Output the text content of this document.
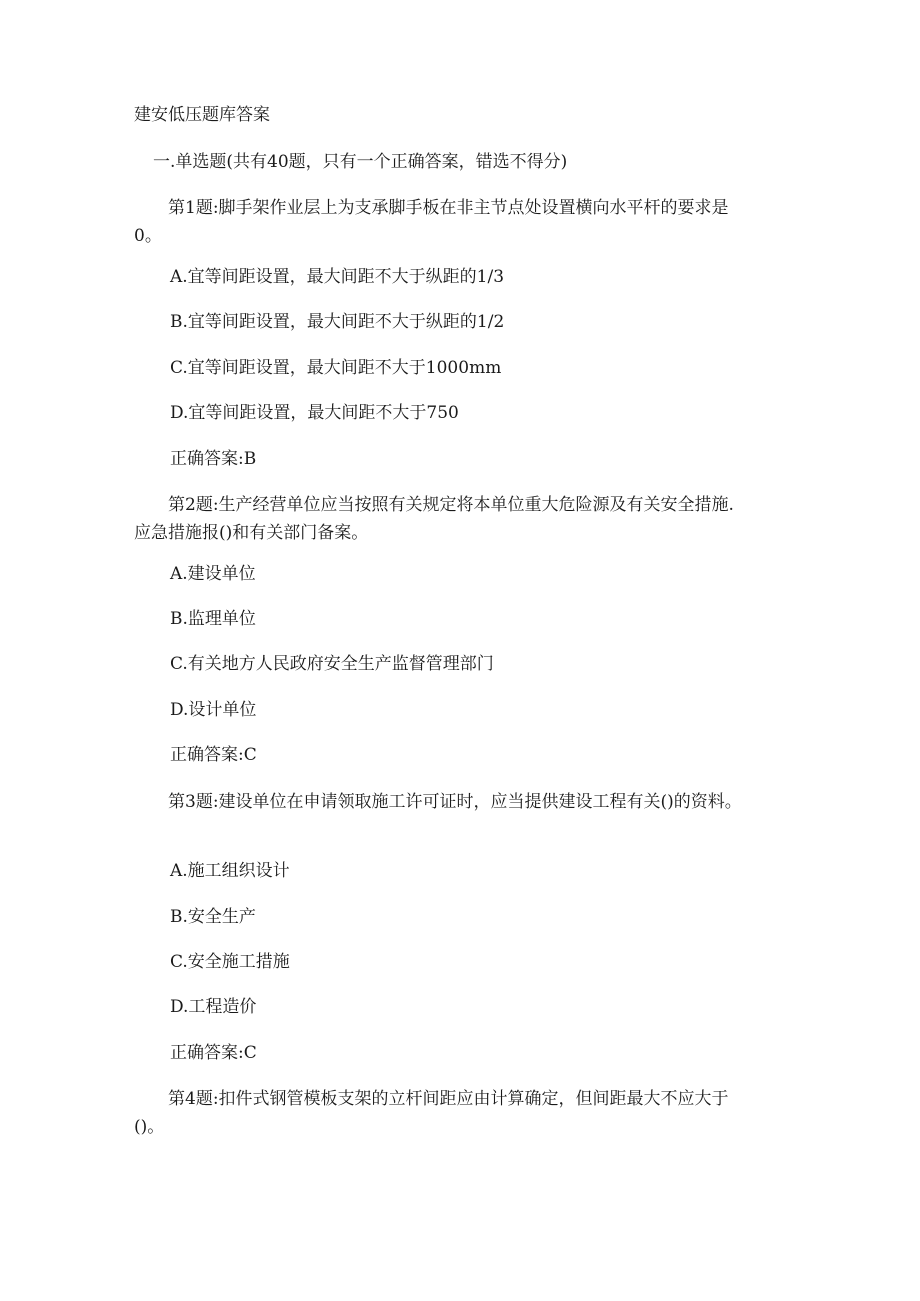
建安低压题库答案
一.单选题(共有40题，只有一个正确答案，错选不得分)
第1题:脚手架作业层上为支承脚手板在非主节点处设置横向水平杆的要求是0。
A.宜等间距设置，最大间距不大于纵距的1/3
B.宜等间距设置，最大间距不大于纵距的1/2
C.宜等间距设置，最大间距不大于1000mm
D.宜等间距设置，最大间距不大于750
正确答案:B
第2题:生产经营单位应当按照有关规定将本单位重大危险源及有关安全措施.应急措施报()和有关部门备案。
A.建设单位
B.监理单位
C.有关地方人民政府安全生产监督管理部门
D.设计单位
正确答案:C
第3题:建设单位在申请领取施工许可证时，应当提供建设工程有关()的资料。
A.施工组织设计
B.安全生产
C.安全施工措施
D.工程造价
正确答案:C
第4题:扣件式钢管模板支架的立杆间距应由计算确定，但间距最大不应大于()。
